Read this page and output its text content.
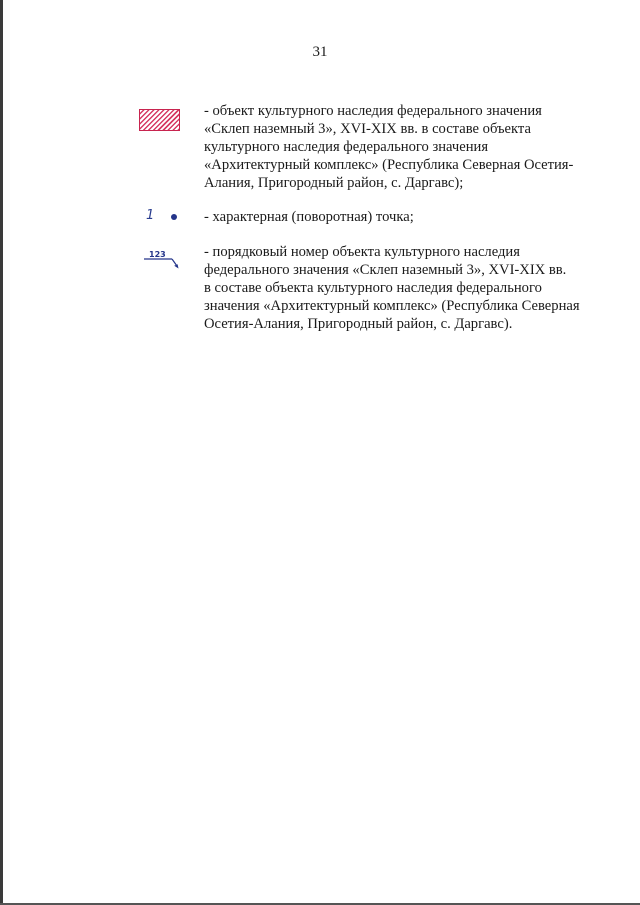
31
- объект культурного наследия федерального значения
«Склеп наземный 3», XVI-XIX вв. в составе объекта
культурного наследия федерального значения
«Архитектурный комплекс» (Республика Северная Осетия-
Алания, Пригородный район, с. Даргавс);
1	- характерная (поворотная) точка;
123	- порядковый номер объекта культурного наследия
федерального значения «Склеп наземный 3», XVI-XIX вв.
в составе объекта культурного наследия федерального
значения «Архитектурный комплекс» (Республика Северная
Осетия-Алания, Пригородный район, с. Даргавс).
